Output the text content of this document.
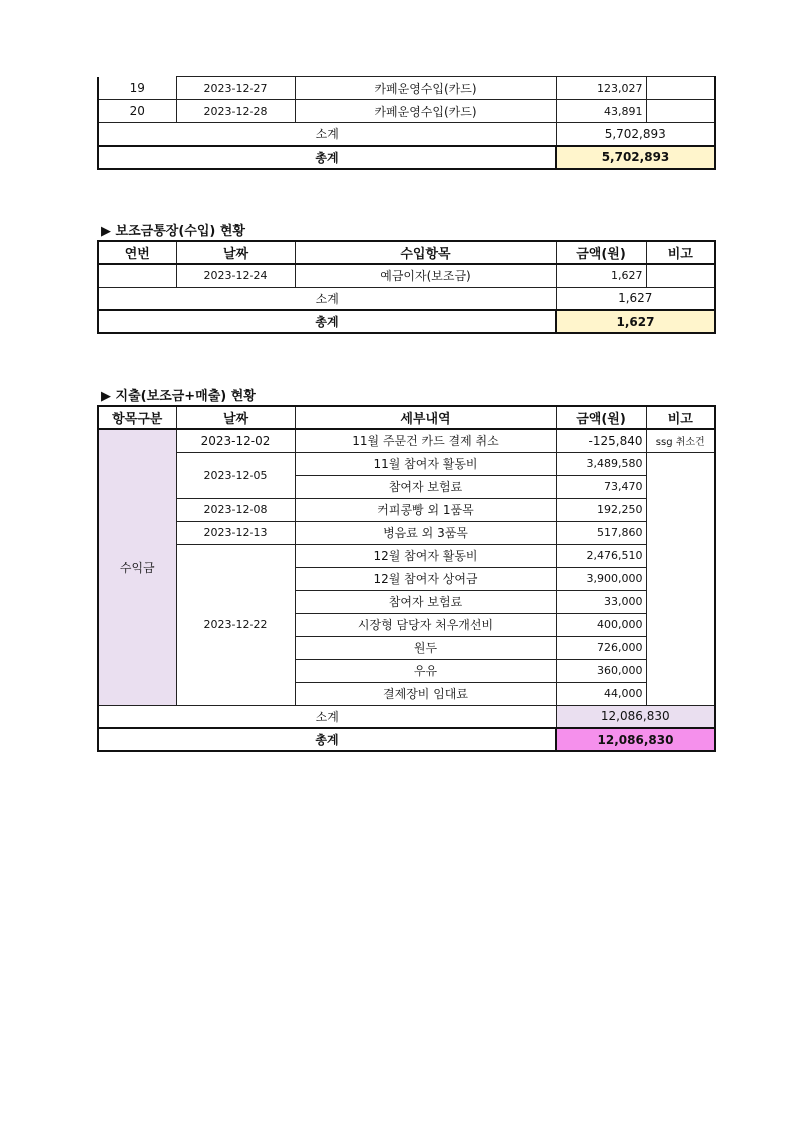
19	2023-12-27	카페운영수입(카드)	123,027	
20	2023-12-28	카페운영수입(카드)	43,891	
소계			5,702,893	
총계			5,702,893	
▶ 보조금통장(수입) 현황
연번	날짜	수입항목	금액(원)	비고
	2023-12-24	예금이자(보조금)	1,627	
소계			1,627	
총계			1,627	
▶ 지출(보조금+매출) 현황
항목구분	날짜	세부내역	금액(원)	비고
수익금	2023-12-02	11월 주문건 카드 결제 취소	-125,840	ssg 취소건
	2023-12-05	11월 참여자 활동비	3,489,580	
		참여자 보험료	73,470	
	2023-12-08	커피콩빵 외 1품목	192,250	
	2023-12-13	병음료 외 3품목	517,860	
	2023-12-22	12월 참여자 활동비	2,476,510	
		12월 참여자 상여금	3,900,000	
		참여자 보험료	33,000	
		시장형 담당자 처우개선비	400,000	
		원두	726,000	
		우유	360,000	
		결제장비 임대료	44,000	
소계			12,086,830	
총계			12,086,830	
